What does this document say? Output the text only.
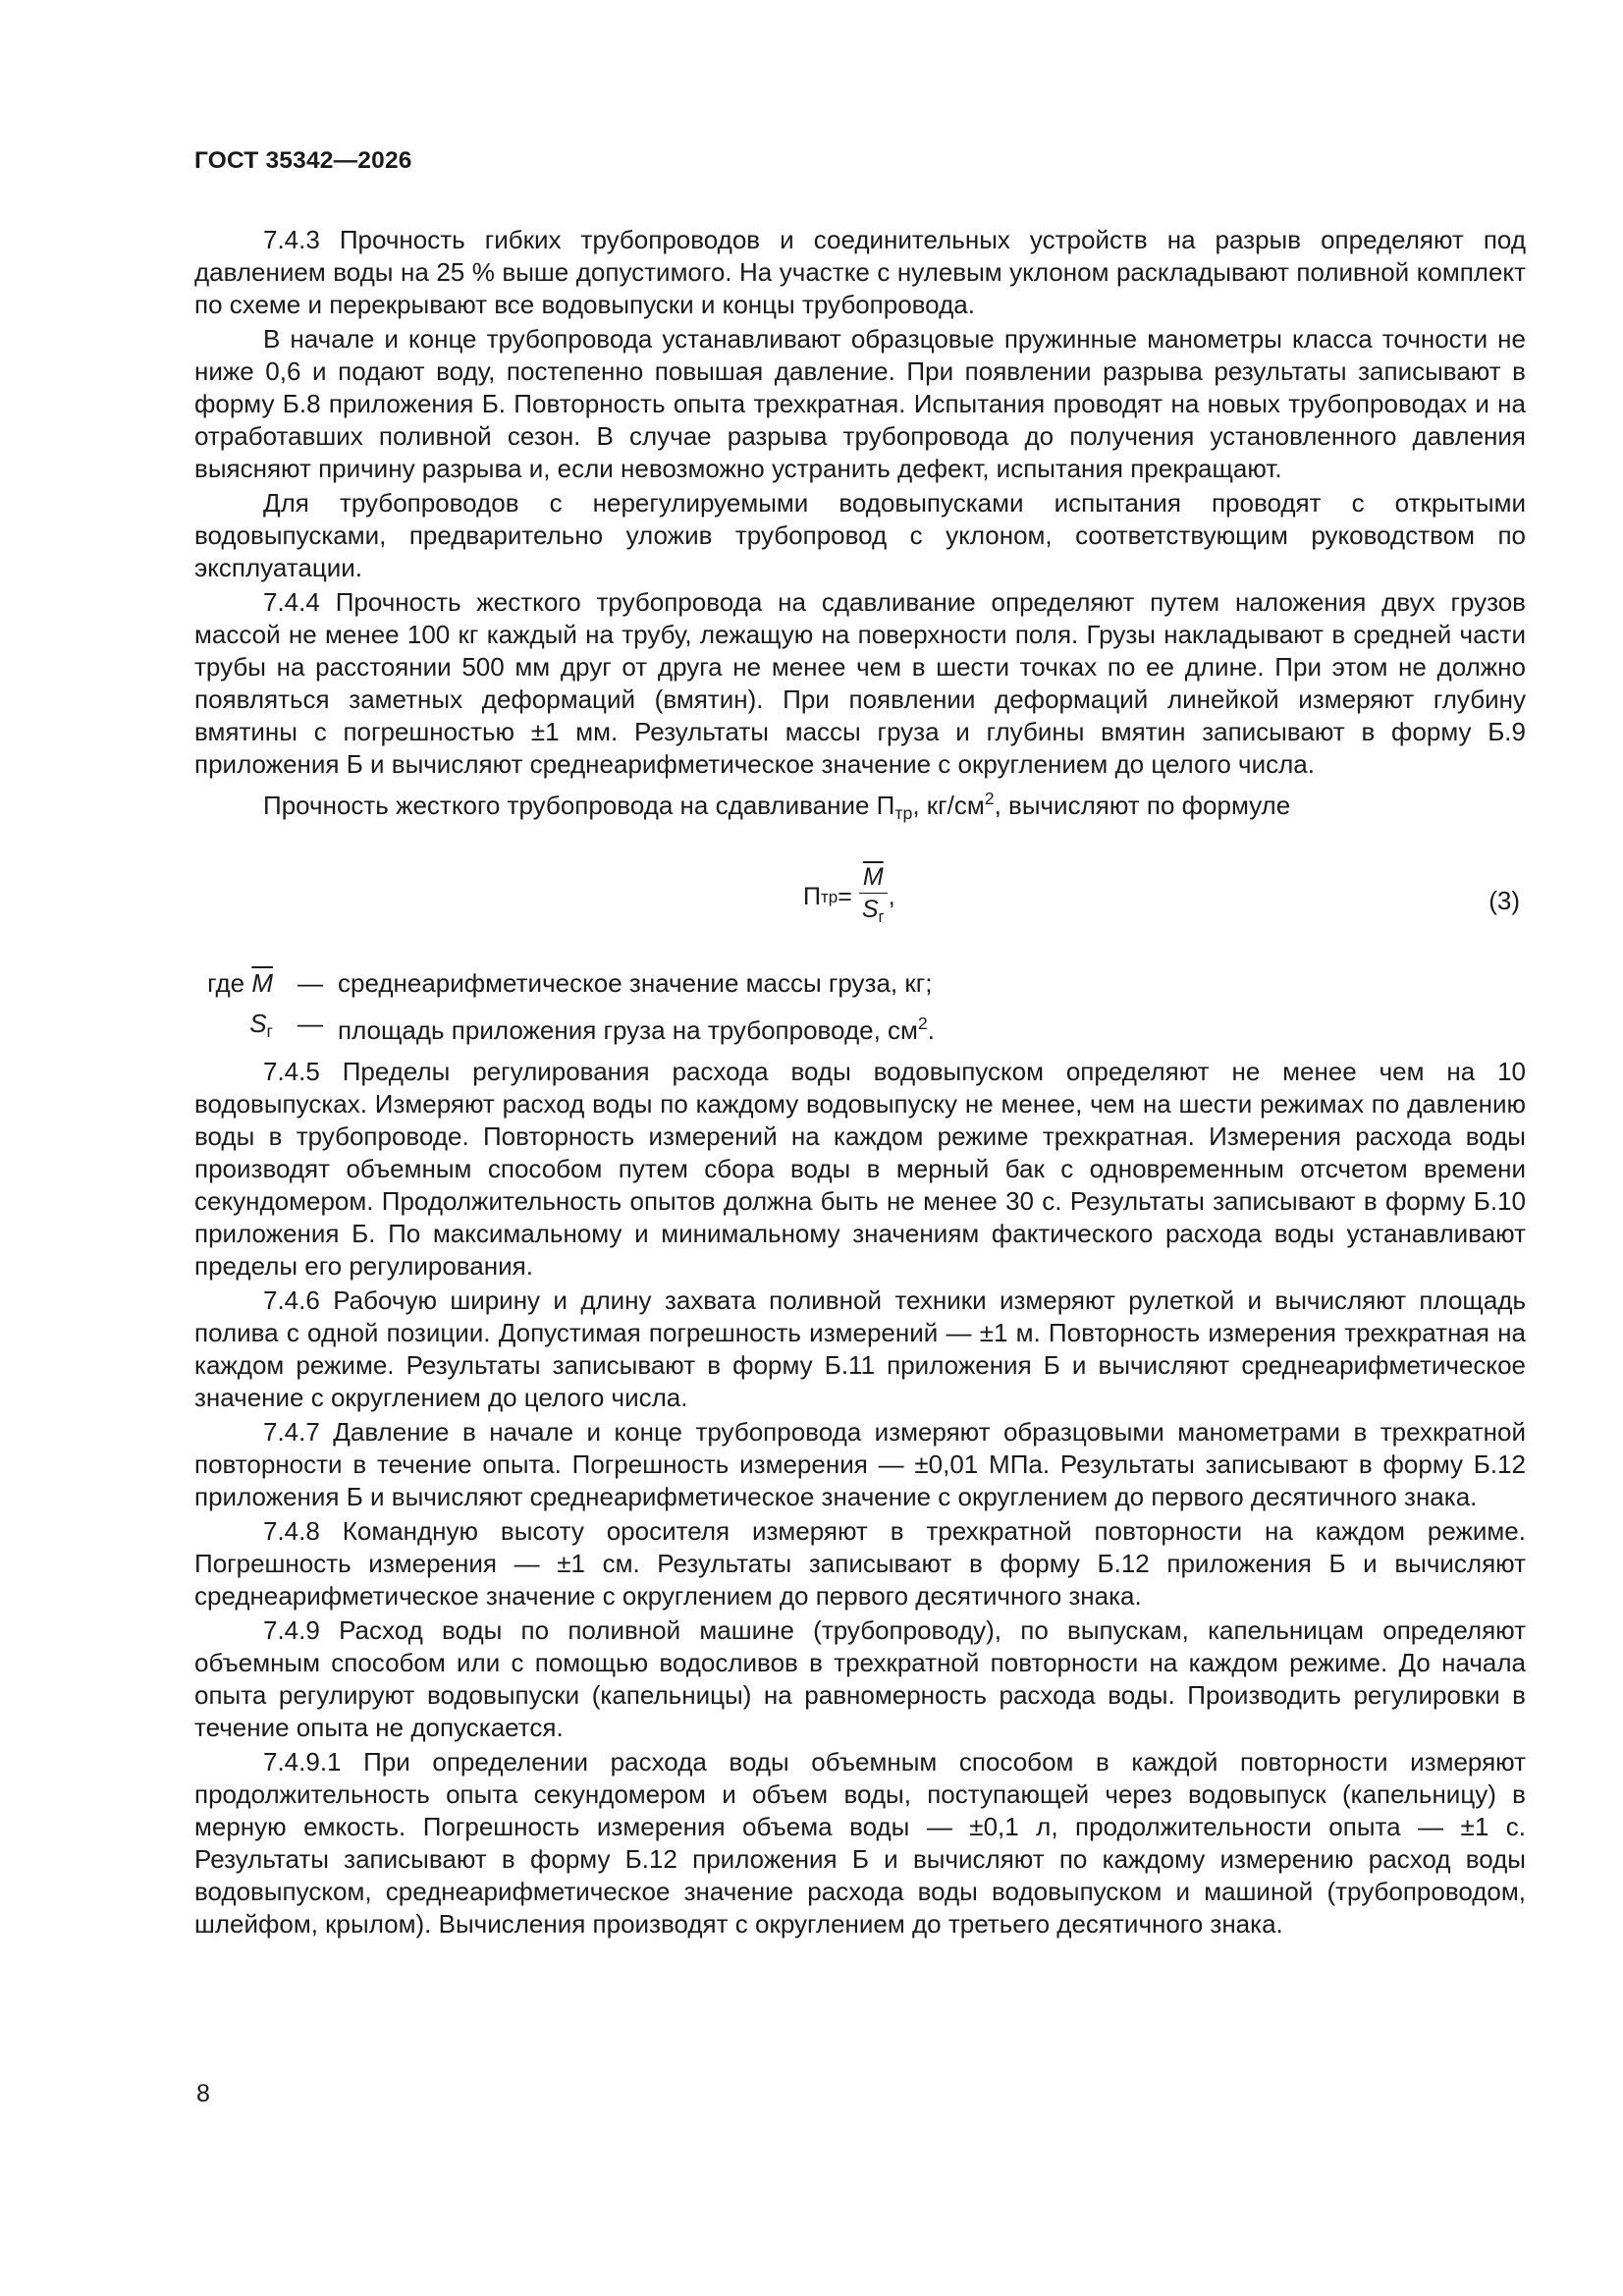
ГОСТ 35342—2026

7.4.3 Прочность гибких трубопроводов и соединительных устройств на разрыв определяют под давлением воды на 25 % выше допустимого. На участке с нулевым уклоном раскладывают поливной комплект по схеме и перекрывают все водовыпуски и концы трубопровода.

В начале и конце трубопровода устанавливают образцовые пружинные манометры класса точности не ниже 0,6 и подают воду, постепенно повышая давление. При появлении разрыва результаты записывают в форму Б.8 приложения Б. Повторность опыта трехкратная. Испытания проводят на новых трубопроводах и на отработавших поливной сезон. В случае разрыва трубопровода до получения установленного давления выясняют причину разрыва и, если невозможно устранить дефект, испытания прекращают.

Для трубопроводов с нерегулируемыми водовыпусками испытания проводят с открытыми водовыпусками, предварительно уложив трубопровод с уклоном, соответствующим руководством по эксплуатации.

7.4.4 Прочность жесткого трубопровода на сдавливание определяют путем наложения двух грузов массой не менее 100 кг каждый на трубу, лежащую на поверхности поля. Грузы накладывают в средней части трубы на расстоянии 500 мм друг от друга не менее чем в шести точках по ее длине. При этом не должно появляться заметных деформаций (вмятин). При появлении деформаций линейкой измеряют глубину вмятины с погрешностью ±1 мм. Результаты массы груза и глубины вмятин записывают в форму Б.9 приложения Б и вычисляют среднеарифметическое значение с округлением до целого числа.

Прочность жесткого трубопровода на сдавливание $П_{тр}$, $кг/см^2$, вычисляют по формуле

П тр = $\frac{\overline{M}}{S_г}$ ,	(3)
где $\overline{M}$ — среднеарифметическое значение массы груза, кг;
$S_г$ — площадь приложения груза на трубопроводе, $см^2$.

7.4.5 Пределы регулирования расхода воды водовыпуском определяют не менее чем на 10 водовыпусках. Измеряют расход воды по каждому водовыпуску не менее, чем на шести режимах по давлению воды в трубопроводе. Повторность измерений на каждом режиме трехкратная. Измерения расхода воды производят объемным способом путем сбора воды в мерный бак с одновременным отсчетом времени секундомером. Продолжительность опытов должна быть не менее 30 с. Результаты записывают в форму Б.10 приложения Б. По максимальному и минимальному значениям фактического расхода воды устанавливают пределы его регулирования.

7.4.6 Рабочую ширину и длину захвата поливной техники измеряют рулеткой и вычисляют площадь полива с одной позиции. Допустимая погрешность измерений — ±1 м. Повторность измерения трехкратная на каждом режиме. Результаты записывают в форму Б.11 приложения Б и вычисляют среднеарифметическое значение с округлением до целого числа.

7.4.7 Давление в начале и конце трубопровода измеряют образцовыми манометрами в трехкратной повторности в течение опыта. Погрешность измерения — ±0,01 МПа. Результаты записывают в форму Б.12 приложения Б и вычисляют среднеарифметическое значение с округлением до первого десятичного знака.

7.4.8 Командную высоту оросителя измеряют в трехкратной повторности на каждом режиме. Погрешность измерения — ±1 см. Результаты записывают в форму Б.12 приложения Б и вычисляют среднеарифметическое значение с округлением до первого десятичного знака.

7.4.9 Расход воды по поливной машине (трубопроводу), по выпускам, капельницам определяют объемным способом или с помощью водосливов в трехкратной повторности на каждом режиме. До начала опыта регулируют водовыпуски (капельницы) на равномерность расхода воды. Производить регулировки в течение опыта не допускается.

7.4.9.1 При определении расхода воды объемным способом в каждой повторности измеряют продолжительность опыта секундомером и объем воды, поступающей через водовыпуск (капельницу) в мерную емкость. Погрешность измерения объема воды — ±0,1 л, продолжительности опыта — ±1 с. Результаты записывают в форму Б.12 приложения Б и вычисляют по каждому измерению расход воды водовыпуском, среднеарифметическое значение расхода воды водовыпуском и машиной (трубопроводом, шлейфом, крылом). Вычисления производят с округлением до третьего десятичного знака.

8
